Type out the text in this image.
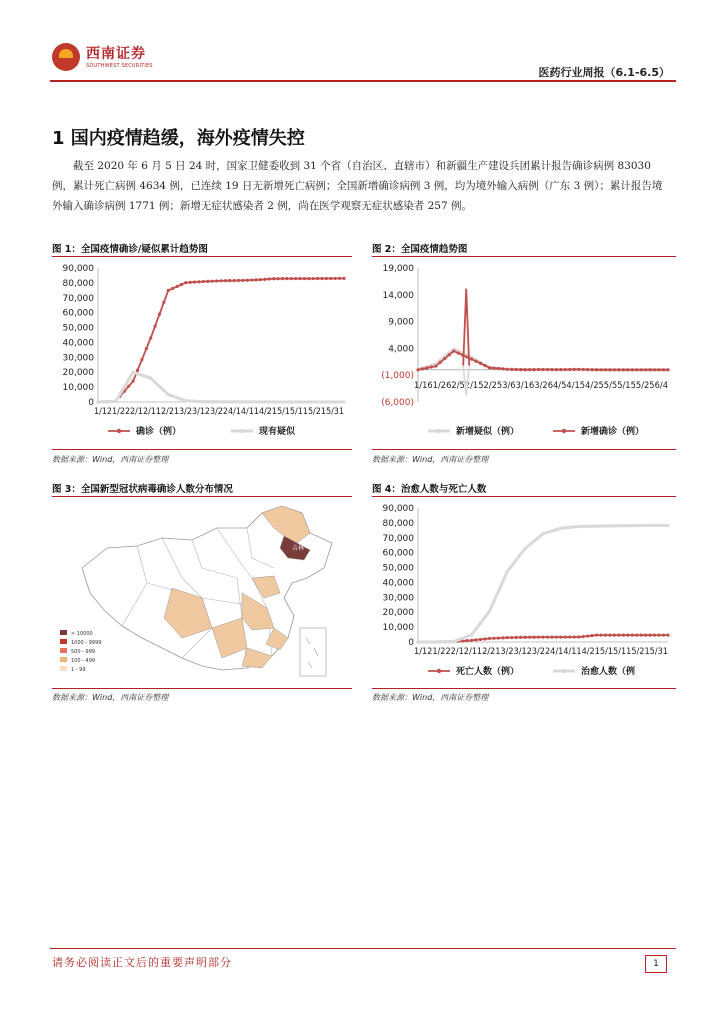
西南证券
SOUTHWEST SECURITIES	医药行业周报（6.1-6.5）
1 国内疫情趋缓，海外疫情失控

截至 2020 年 6 月 5 日 24 时，国家卫健委收到 31 个省（自治区、直辖市）和新疆生产建设兵团累计报告确诊病例 83030 例，累计死亡病例 4634 例，已连续 19 日无新增死亡病例；全国新增确诊病例 3 例，均为境外输入病例（广东 3 例）；累计报告境外输入确诊病例 1771 例；新增无症状感染者 2 例，尚在医学观察无症状感染者 257 例。

图 1：全国疫情确诊/疑似累计趋势图
0
10,000
20,000
30,000
40,000
50,000
60,000
70,000
80,000
90,000
1/121/222/12/112/213/23/123/224/14/114/215/15/115/215/31
确诊（例）	现有疑似
数据来源：Wind，西南证券整理
图 2：全国疫情趋势图
(6,000)
(1,000)
4,000
9,000
14,000
19,000
1/161/262/52/152/253/63/163/264/54/154/255/55/155/256/4
新增疑似（例）	新增确诊（例）
数据来源：Wind，西南证券整理
图 3：全国新型冠状病毒确诊人数分布情况
> 10000
1000 - 9999
500 - 999
100 - 499
1 - 99
吉林
数据来源：Wind，西南证券整理
图 4：治愈人数与死亡人数
0
10,000
20,000
30,000
40,000
50,000
60,000
70,000
80,000
90,000
1/121/222/12/112/213/23/123/224/14/114/215/15/115/215/31
死亡人数（例）	治愈人数（例
数据来源：Wind，西南证券整理
请务必阅读正文后的重要声明部分	1
